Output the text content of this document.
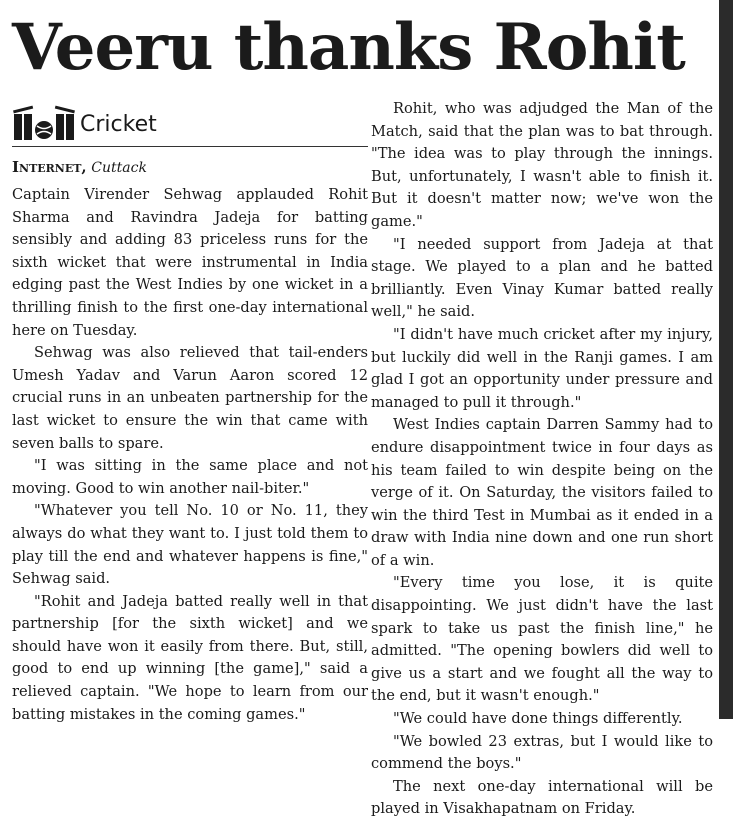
Veeru thanks Rohit
Cricket
Internet, Cuttack

Captain Virender Sehwag applauded Rohit Sharma and Ravindra Jadeja for batting sensibly and adding 83 priceless runs for the sixth wicket that were instrumental in India edging past the West Indies by one wicket in a thrilling finish to the first one-day international here on Tuesday.

Sehwag was also relieved that tail-enders Umesh Yadav and Varun Aaron scored 12 crucial runs in an unbeaten partnership for the last wicket to ensure the win that came with seven balls to spare.

"I was sitting in the same place and not moving. Good to win another nail-biter."

"Whatever you tell No. 10 or No. 11, they always do what they want to. I just told them to play till the end and whatever happens is fine," Sehwag said.

"Rohit and Jadeja batted really well in that partnership [for the sixth wicket] and we should have won it easily from there. But, still, good to end up winning [the game]," said a relieved captain. "We hope to learn from our batting mistakes in the coming games."

Rohit, who was adjudged the Man of the Match, said that the plan was to bat through. "The idea was to play through the innings. But, unfortunately, I wasn't able to finish it. But it doesn't matter now; we've won the game."

"I needed support from Jadeja at that stage. We played to a plan and he batted brilliantly. Even Vinay Kumar batted really well," he said.

"I didn't have much cricket after my injury, but luckily did well in the Ranji games. I am glad I got an opportunity under pressure and managed to pull it through."

West Indies captain Darren Sammy had to endure disappointment twice in four days as his team failed to win despite being on the verge of it. On Saturday, the visitors failed to win the third Test in Mumbai as it ended in a draw with India nine down and one run short of a win.

"Every time you lose, it is quite disappointing. We just didn't have the last spark to take us past the finish line," he admitted. "The opening bowlers did well to give us a start and we fought all the way to the end, but it wasn't enough."

"We could have done things differently.

"We bowled 23 extras, but I would like to commend the boys."

The next one-day international will be played in Visakhapatnam on Friday.
